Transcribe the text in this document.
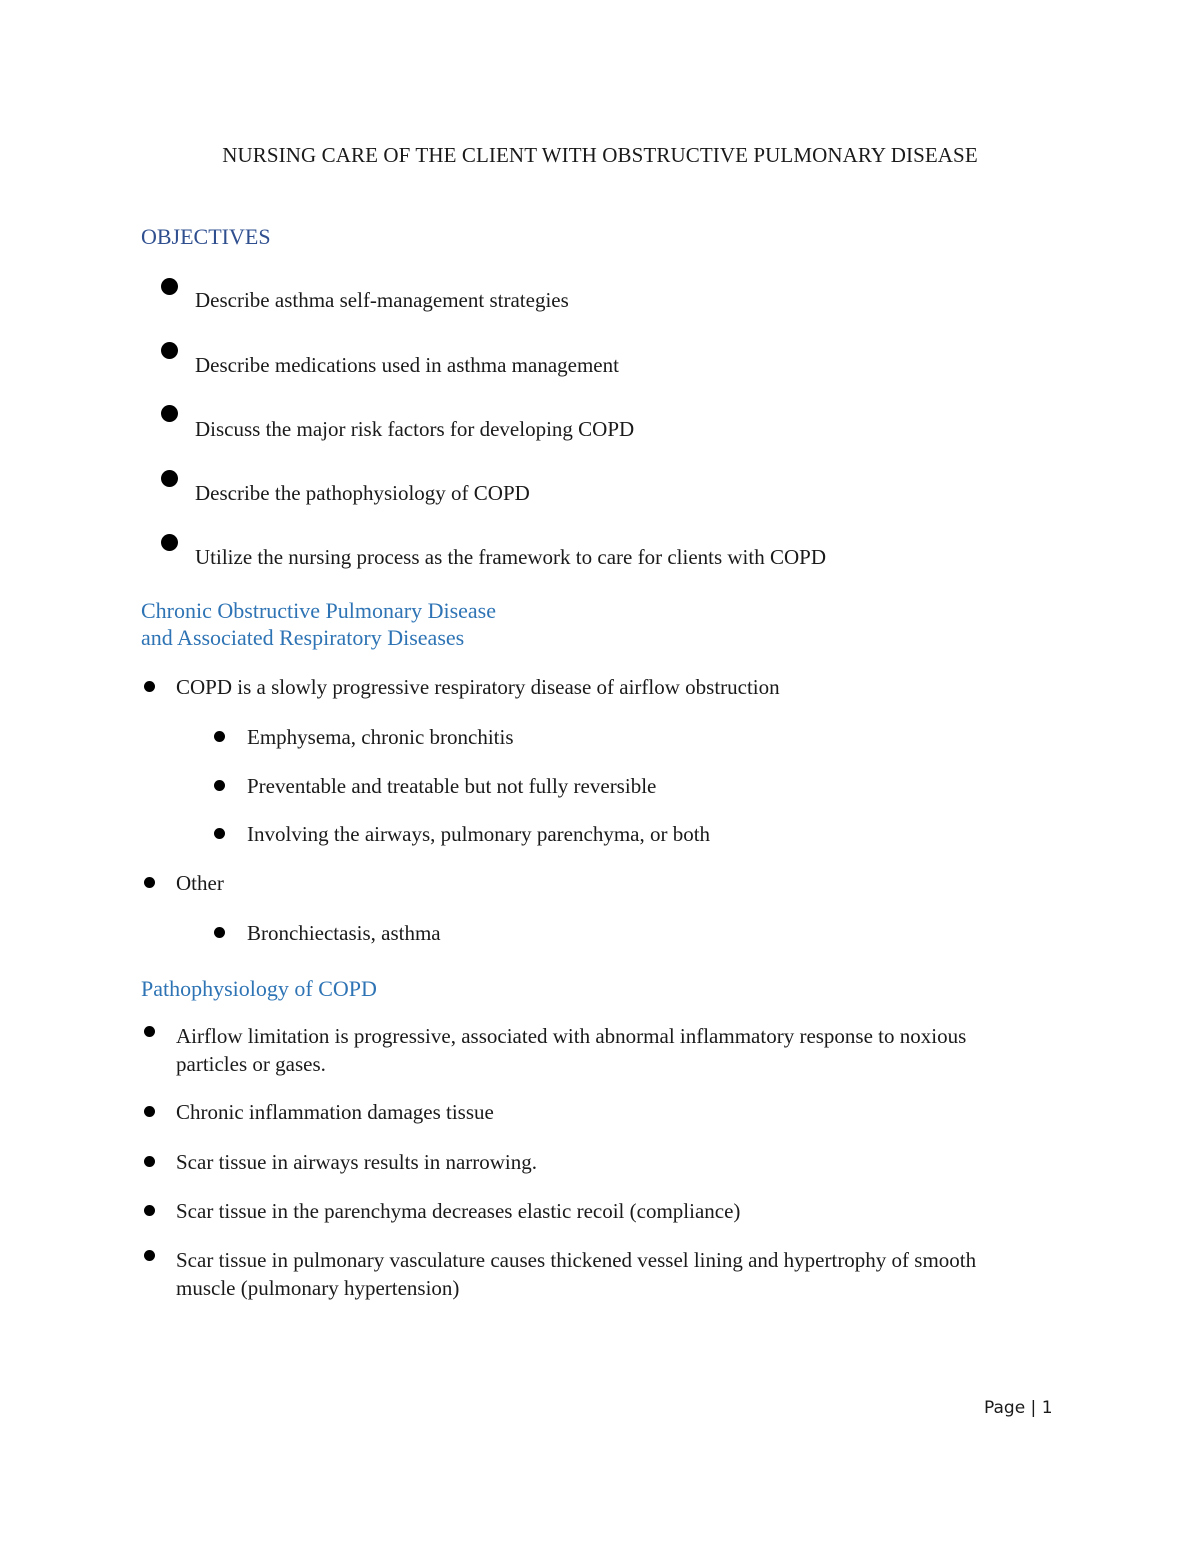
NURSING CARE OF THE CLIENT WITH OBSTRUCTIVE PULMONARY DISEASE
OBJECTIVES
Describe asthma self-management strategies
Describe medications used in asthma management
Discuss the major risk factors for developing COPD
Describe the pathophysiology of COPD
Utilize the nursing process as the framework to care for clients with COPD
Chronic Obstructive Pulmonary Disease
and Associated Respiratory Diseases
COPD is a slowly progressive respiratory disease of airflow obstruction
Emphysema, chronic bronchitis
Preventable and treatable but not fully reversible
Involving the airways, pulmonary parenchyma, or both
Other
Bronchiectasis, asthma
Pathophysiology of COPD
Airflow limitation is progressive, associated with abnormal inflammatory response to noxious particles or gases.
Chronic inflammation damages tissue
Scar tissue in airways results in narrowing.
Scar tissue in the parenchyma decreases elastic recoil (compliance)
Scar tissue in pulmonary vasculature causes thickened vessel lining and hypertrophy of smooth muscle (pulmonary hypertension)
Page | 1
